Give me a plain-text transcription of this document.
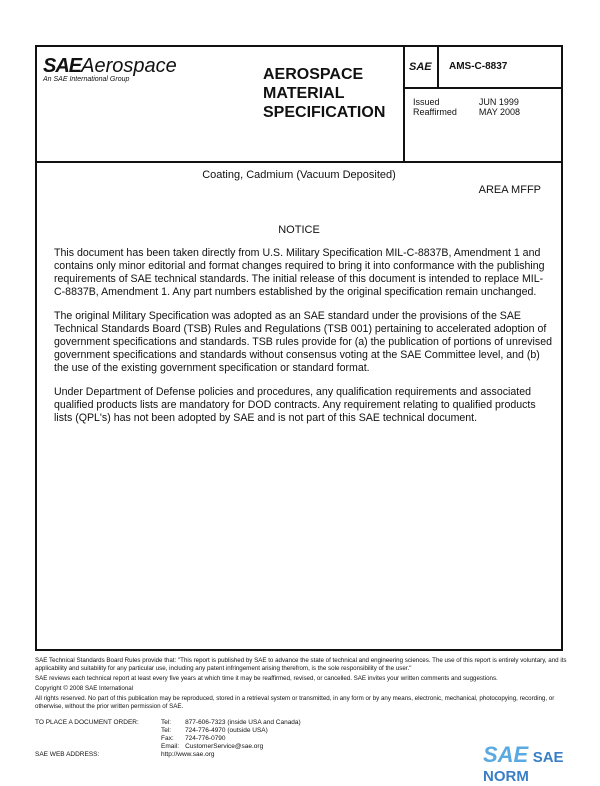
SAEAerospace
An SAE International Group	AEROSPACE
MATERIAL
SPECIFICATION
SAE AMS-C-8837
Issued	JUN 1999
Reaffirmed	MAY 2008
Coating, Cadmium (Vacuum Deposited)
AREA MFFP
NOTICE

This document has been taken directly from U.S. Military Specification MIL-C-8837B, Amendment 1 and contains only minor editorial and format changes required to bring it into conformance with the publishing requirements of SAE technical standards. The initial release of this document is intended to replace MIL-C-8837B, Amendment 1. Any part numbers established by the original specification remain unchanged.

The original Military Specification was adopted as an SAE standard under the provisions of the SAE Technical Standards Board (TSB) Rules and Regulations (TSB 001) pertaining to accelerated adoption of government specifications and standards. TSB rules provide for (a) the publication of portions of unrevised government specifications and standards without consensus voting at the SAE Committee level, and (b) the use of the existing government specification or standard format.

Under Department of Defense policies and procedures, any qualification requirements and associated qualified products lists are mandatory for DOD contracts. Any requirement relating to qualified products lists (QPL's) has not been adopted by SAE and is not part of this SAE technical document.

SAE Technical Standards Board Rules provide that: "This report is published by SAE to advance the state of technical and engineering sciences. The use of this report is entirely voluntary, and its applicability and suitability for any particular use, including any patent infringement arising therefrom, is the sole responsibility of the user."

SAE reviews each technical report at least every five years at which time it may be reaffirmed, revised, or cancelled. SAE invites your written comments and suggestions.

Copyright © 2008 SAE International

All rights reserved. No part of this publication may be reproduced, stored in a retrieval system or transmitted, in any form or by any means, electronic, mechanical, photocopying, recording, or otherwise, without the prior written permission of SAE.

TO PLACE A DOCUMENT ORDER:	Tel:	877-606-7323 (inside USA and Canada)
	Tel:	724-776-4970 (outside USA)
	Fax:	724-776-0790
	Email:	CustomerService@sae.org
SAE WEB ADDRESS:	http://www.sae.org		SAE SAE NORM
